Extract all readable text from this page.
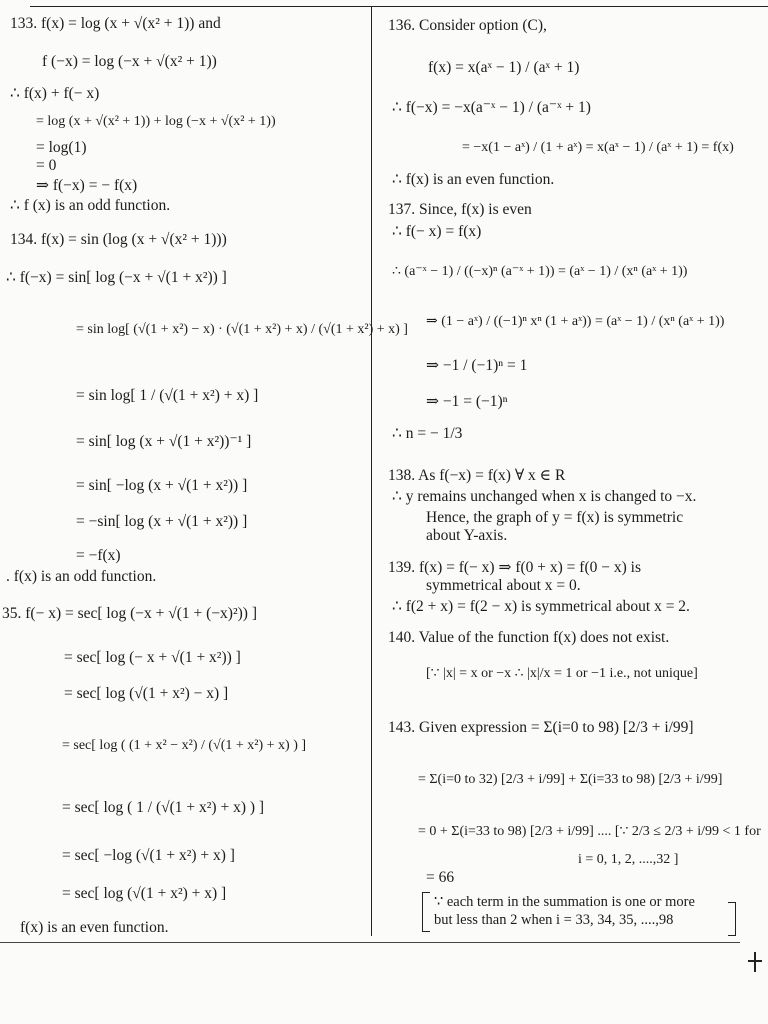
133. f(x) = log (x + √(x² + 1)) and
f (−x) = log (−x + √(x² + 1))
∴ f(x) + f(− x)
= log (x + √(x² + 1)) + log (−x + √(x² + 1))
= log(1)
= 0
⇒ f(−x) = − f(x)
∴ f (x) is an odd function.
134. f(x) = sin (log (x + √(x² + 1)))
∴ f(−x) = sin[ log (−x + √(1 + x²)) ]
= sin log[ (√(1 + x²) − x) · (√(1 + x²) + x) / (√(1 + x²) + x) ]
= sin log[ 1 / (√(1 + x²) + x) ]
= sin[ log (x + √(1 + x²))⁻¹ ]
= sin[ −log (x + √(1 + x²)) ]
= −sin[ log (x + √(1 + x²)) ]
= −f(x)
. f(x) is an odd function.
35. f(− x) = sec[ log (−x + √(1 + (−x)²)) ]
= sec[ log (− x + √(1 + x²)) ]
= sec[ log (√(1 + x²) − x) ]
= sec[ log ( (1 + x² − x²) / (√(1 + x²) + x) ) ]
= sec[ log ( 1 / (√(1 + x²) + x) ) ]
= sec[ −log (√(1 + x²) + x) ]
= sec[ log (√(1 + x²) + x) ]
f(x) is an even function.
136. Consider option (C),
f(x) = x(aˣ − 1) / (aˣ + 1)
∴ f(−x) = −x(a⁻ˣ − 1) / (a⁻ˣ + 1)
= −x(1 − aˣ) / (1 + aˣ) = x(aˣ − 1) / (aˣ + 1) = f(x)
∴ f(x) is an even function.
137. Since, f(x) is even
∴ f(− x) = f(x)
∴ (a⁻ˣ − 1) / ((−x)ⁿ (a⁻ˣ + 1)) = (aˣ − 1) / (xⁿ (aˣ + 1))
⇒ (1 − aˣ) / ((−1)ⁿ xⁿ (1 + aˣ)) = (aˣ − 1) / (xⁿ (aˣ + 1))
⇒ −1 / (−1)ⁿ = 1
⇒ −1 = (−1)ⁿ
∴ n = − 1/3
138. As f(−x) = f(x) ∀ x ∈ R
∴ y remains unchanged when x is changed to −x.
Hence, the graph of y = f(x) is symmetric
about Y-axis.
139. f(x) = f(− x) ⇒ f(0 + x) = f(0 − x) is
symmetrical about x = 0.
∴ f(2 + x) = f(2 − x) is symmetrical about x = 2.
140. Value of the function f(x) does not exist.
[∵ |x| = x or −x ∴ |x|/x = 1 or −1 i.e., not unique]
143. Given expression = Σ(i=0 to 98) [2/3 + i/99]
= Σ(i=0 to 32) [2/3 + i/99] + Σ(i=33 to 98) [2/3 + i/99]
= 0 + Σ(i=33 to 98) [2/3 + i/99] .... [∵ 2/3 ≤ 2/3 + i/99 < 1 for
i = 0, 1, 2, ....,32 ]
= 66
∵ each term in the summation is one or more
but less than 2 when i = 33, 34, 35, ....,98
